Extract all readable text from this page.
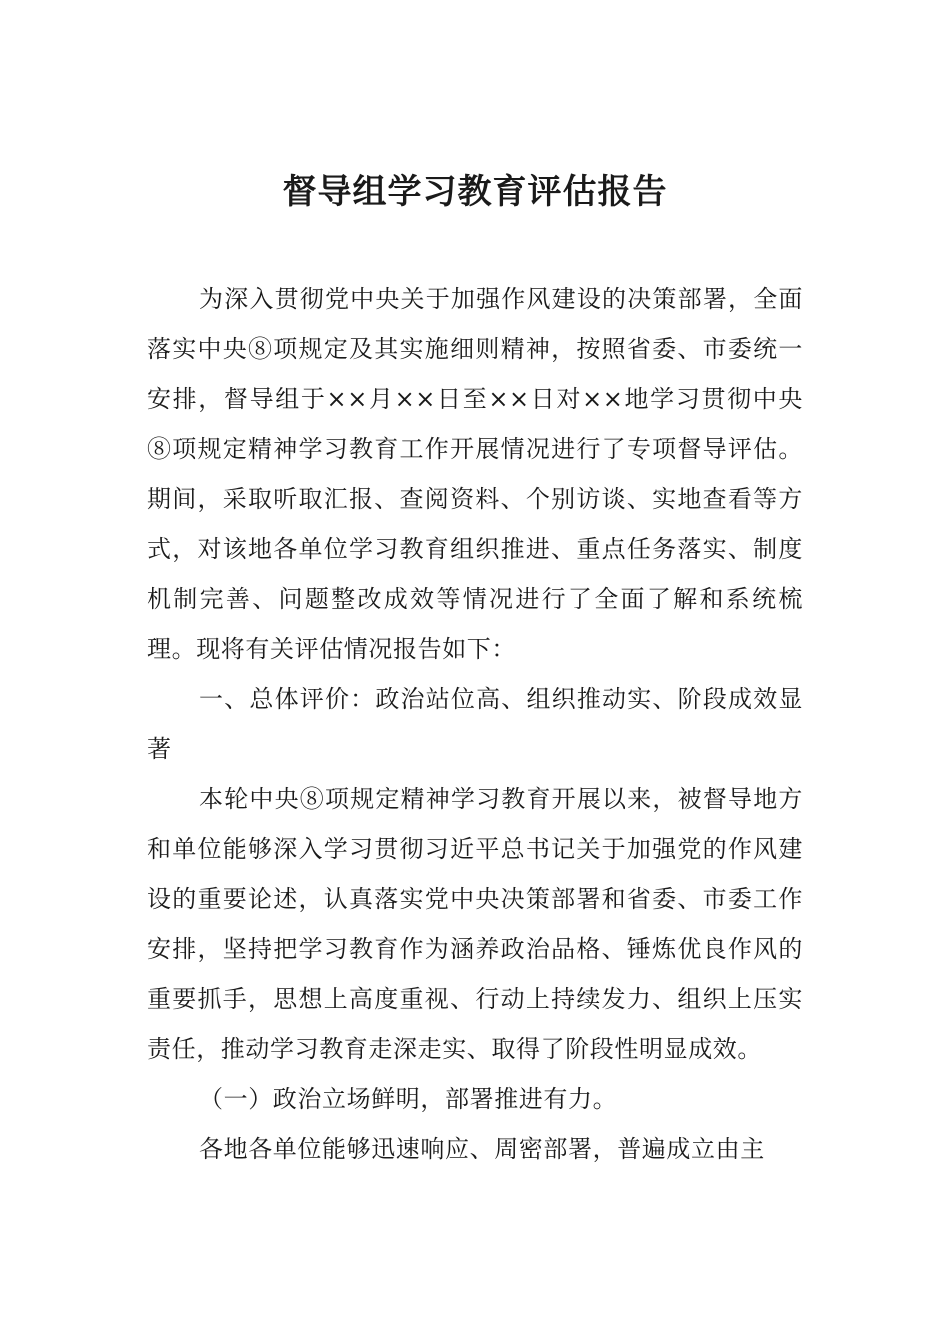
督导组学习教育评估报告

为深入贯彻党中央关于加强作风建设的决策部署，全面落实中央⑧项规定及其实施细则精神，按照省委、市委统一安排，督导组于××月××日至××日对××地学习贯彻中央⑧项规定精神学习教育工作开展情况进行了专项督导评估。期间，采取听取汇报、查阅资料、个别访谈、实地查看等方式，对该地各单位学习教育组织推进、重点任务落实、制度机制完善、问题整改成效等情况进行了全面了解和系统梳理。现将有关评估情况报告如下：

一、总体评价：政治站位高、组织推动实、阶段成效显著

本轮中央⑧项规定精神学习教育开展以来，被督导地方和单位能够深入学习贯彻习近平总书记关于加强党的作风建设的重要论述，认真落实党中央决策部署和省委、市委工作安排，坚持把学习教育作为涵养政治品格、锤炼优良作风的重要抓手，思想上高度重视、行动上持续发力、组织上压实责任，推动学习教育走深走实、取得了阶段性明显成效。

（一）政治立场鲜明，部署推进有力。

各地各单位能够迅速响应、周密部署，普遍成立由主
